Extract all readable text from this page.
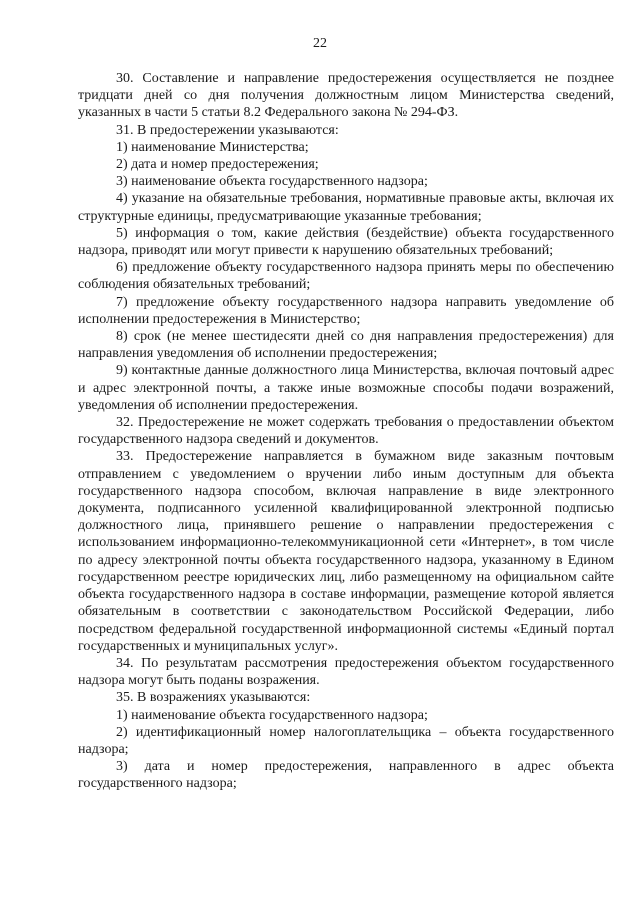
22

30. Составление и направление предостережения осуществляется не позднее тридцати дней со дня получения должностным лицом Министерства сведений, указанных в части 5 статьи 8.2 Федерального закона № 294-ФЗ.

31. В предостережении указываются:

1) наименование Министерства;

2) дата и номер предостережения;

3) наименование объекта государственного надзора;

4) указание на обязательные требования, нормативные правовые акты, включая их структурные единицы, предусматривающие указанные требования;

5) информация о том, какие действия (бездействие) объекта государственного надзора, приводят или могут привести к нарушению обязательных требований;

6) предложение объекту государственного надзора принять меры по обеспечению соблюдения обязательных требований;

7) предложение объекту государственного надзора направить уведомление об исполнении предостережения в Министерство;

8) срок (не менее шестидесяти дней со дня направления предостережения) для направления уведомления об исполнении предостережения;

9) контактные данные должностного лица Министерства, включая почтовый адрес и адрес электронной почты, а также иные возможные способы подачи возражений, уведомления об исполнении предостережения.

32. Предостережение не может содержать требования о предоставлении объектом государственного надзора сведений и документов.

33. Предостережение направляется в бумажном виде заказным почтовым отправлением с уведомлением о вручении либо иным доступным для объекта государственного надзора способом, включая направление в виде электронного документа, подписанного усиленной квалифицированной электронной подписью должностного лица, принявшего решение о направлении предостережения с использованием информационно-телекоммуникационной сети «Интернет», в том числе по адресу электронной почты объекта государственного надзора, указанному в Едином государственном реестре юридических лиц, либо размещенному на официальном сайте объекта государственного надзора в составе информации, размещение которой является обязательным в соответствии с законодательством Российской Федерации, либо посредством федеральной государственной информационной системы «Единый портал государственных и муниципальных услуг».

34. По результатам рассмотрения предостережения объектом государственного надзора могут быть поданы возражения.

35. В возражениях указываются:

1) наименование объекта государственного надзора;

2) идентификационный номер налогоплательщика – объекта государственного надзора;

3) дата и номер предостережения, направленного в адрес объекта государственного надзора;
